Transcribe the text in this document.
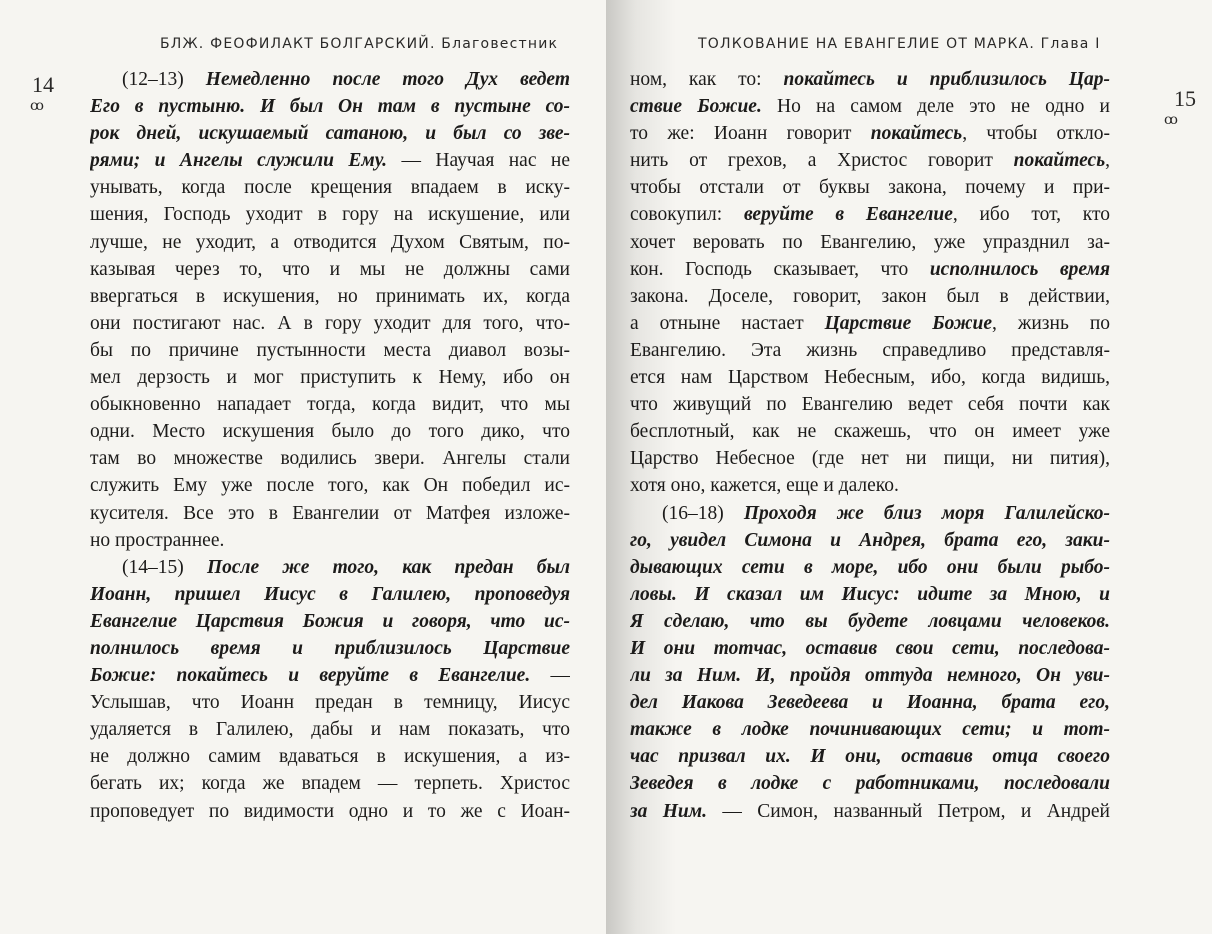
БЛЖ. ФЕОФИЛАКТ БОЛГАРСКИЙ. Благовестник
14
ꝏ
(12–13) Немедленно после того Дух ведет
Его в пустыню. И был Он там в пустыне со-
рок дней, искушаемый сатаною, и был со зве-
рями; и Ангелы служили Ему. — Научая нас не
унывать, когда после крещения впадаем в иску-
шения, Господь уходит в гору на искушение, или
лучше, не уходит, а отводится Духом Святым, по-
казывая через то, что и мы не должны сами
ввергаться в искушения, но принимать их, когда
они постигают нас. А в гору уходит для того, что-
бы по причине пустынности места диавол возы-
мел дерзость и мог приступить к Нему, ибо он
обыкновенно нападает тогда, когда видит, что мы
одни. Место искушения было до того дико, что
там во множестве водились звери. Ангелы стали
служить Ему уже после того, как Он победил ис-
кусителя. Все это в Евангелии от Матфея изложе-
но пространнее.
(14–15) После же того, как предан был
Иоанн, пришел Иисус в Галилею, проповедуя
Евангелие Царствия Божия и говоря, что ис-
полнилось время и приблизилось Царствие
Божие: покайтесь и веруйте в Евангелие. —
Услышав, что Иоанн предан в темницу, Иисус
удаляется в Галилею, дабы и нам показать, что
не должно самим вдаваться в искушения, а из-
бегать их; когда же впадем — терпеть. Христос
проповедует по видимости одно и то же с Иоан-
ТОЛКОВАНИЕ НА ЕВАНГЕЛИЕ ОТ МАРКА. Глава I
15
ꝏ
ном, как то: покайтесь и приблизилось Цар-
ствие Божие. Но на самом деле это не одно и
то же: Иоанн говорит покайтесь, чтобы отклo-
нить от грехов, а Христос говорит покайтесь,
чтобы отстали от буквы закона, почему и при-
совокупил: веруйте в Евангелие, ибо тот, кто
хочет веровать по Евангелию, уже упразднил за-
кон. Господь сказывает, что исполнилось время
закона. Доселе, говорит, закон был в действии,
а отныне настает Царствие Божие, жизнь по
Евангелию. Эта жизнь справедливо представля-
ется нам Царством Небесным, ибо, когда видишь,
что живущий по Евангелию ведет себя почти как
бесплотный, как не скажешь, что он имеет уже
Царство Небесное (где нет ни пищи, ни пития),
хотя оно, кажется, еще и далеко.
(16–18) Проходя же близ моря Галилейско-
го, увидел Симона и Андрея, брата его, заки-
дывающих сети в море, ибо они были рыбо-
ловы. И сказал им Иисус: идите за Мною, и
Я сделаю, что вы будете ловцами человеков.
И они тотчас, оставив свои сети, последова-
ли за Ним. И, пройдя оттуда немного, Он уви-
дел Иакова Зеведеева и Иоанна, брата его,
также в лодке починивающих сети; и тот-
час призвал их. И они, оставив отца своего
Зеведея в лодке с работниками, последовали
за Ним. — Симон, названный Петром, и Андрей
